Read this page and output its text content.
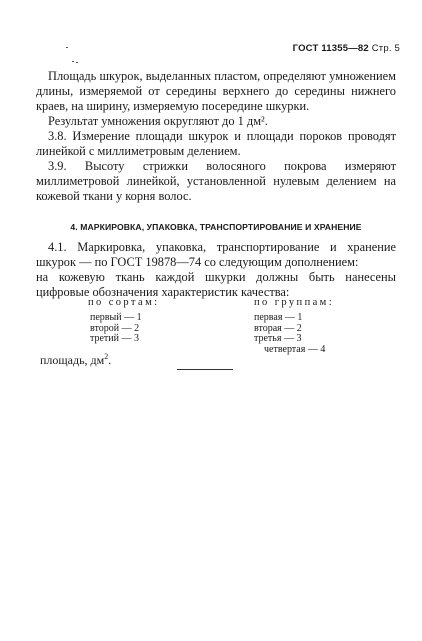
ГОСТ 11355—82 Стр. 5

Площадь шкурок, выделанных пластом, определяют умножением длины, измеряемой от середины верхнего до середины нижнего краев, на ширину, измеряемую посередине шкурки.

Результат умножения округляют до 1 дм².

3.8. Измерение площади шкурок и площади пороков проводят линейкой с миллиметровым делением.

3.9. Высоту стрижки волосяного покрова измеряют миллиметровой линейкой, установленной нулевым делением на кожевой ткани у корня волос.

4. МАРКИРОВКА, УПАКОВКА, ТРАНСПОРТИРОВАНИЕ И ХРАНЕНИЕ

4.1. Маркировка, упаковка, транспортирование и хранение шкурок — по ГОСТ 19878—74 со следующим дополнением:

на кожевую ткань каждой шкурки должны быть нанесены цифровые обозначения характеристик качества:

по сортам:
первый — 1
второй — 2
третий — 3
по группам:
первая — 1
вторая — 2
третья — 3
четвертая — 4
площадь, $дм^2$.
